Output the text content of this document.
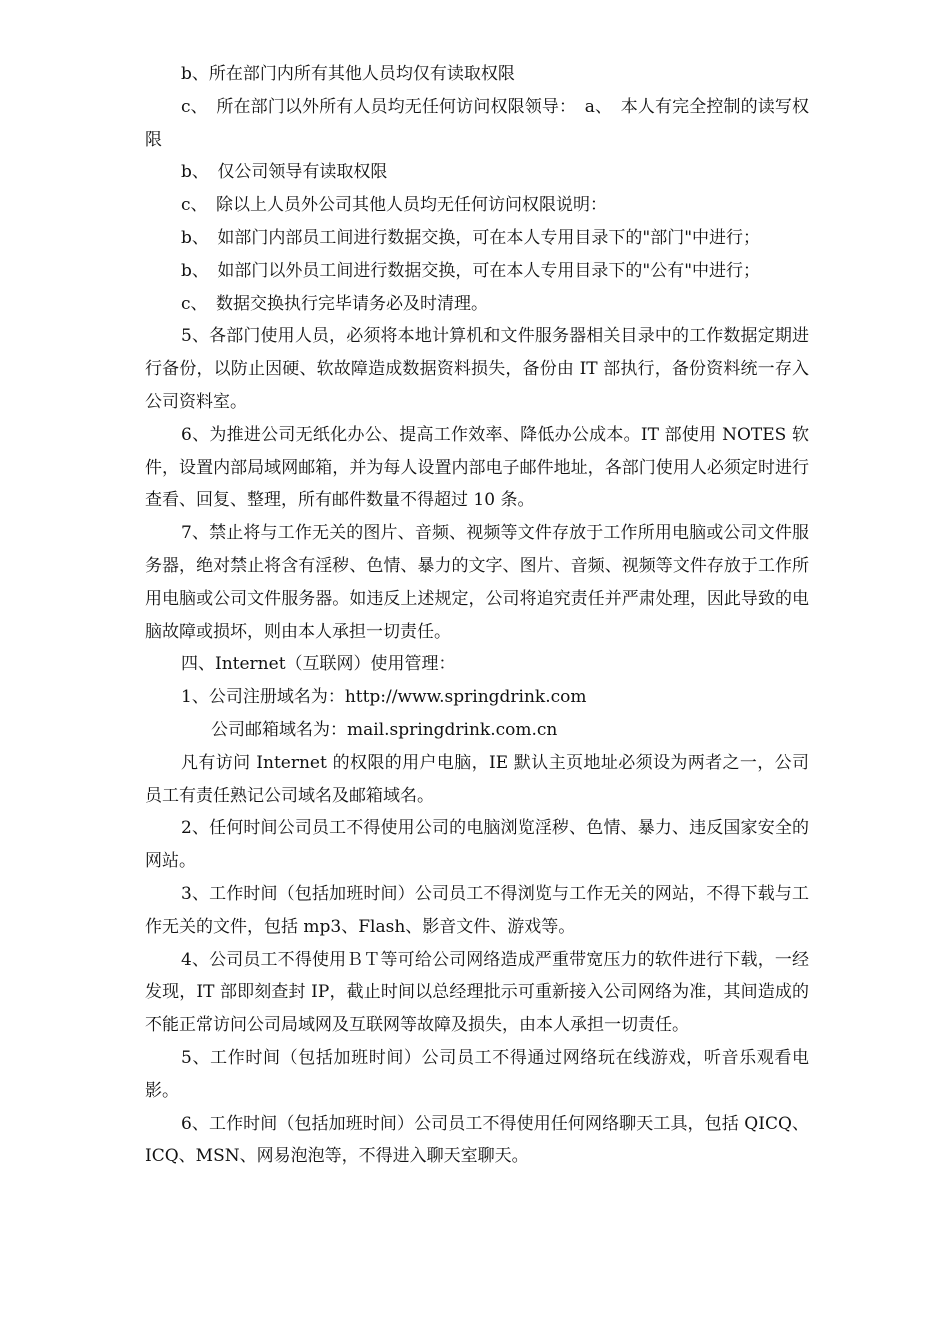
b、所在部门内所有其他人员均仅有读取权限

c、　所在部门以外所有人员均无任何访问权限领导：　a、　本人有完全控制的读写权限

b、　仅公司领导有读取权限

c、　除以上人员外公司其他人员均无任何访问权限说明：

b、　如部门内部员工间进行数据交换，可在本人专用目录下的"部门"中进行；

b、　如部门以外员工间进行数据交换，可在本人专用目录下的"公有"中进行；

c、　数据交换执行完毕请务必及时清理。

5、各部门使用人员，必须将本地计算机和文件服务器相关目录中的工作数据定期进行备份，以防止因硬、软故障造成数据资料损失，备份由 IT 部执行，备份资料统一存入公司资料室。

6、为推进公司无纸化办公、提高工作效率、降低办公成本。IT 部使用 NOTES 软件，设置内部局域网邮箱，并为每人设置内部电子邮件地址，各部门使用人必须定时进行查看、回复、整理，所有邮件数量不得超过 10 条。

7、禁止将与工作无关的图片、音频、视频等文件存放于工作所用电脑或公司文件服务器，绝对禁止将含有淫秽、色情、暴力的文字、图片、音频、视频等文件存放于工作所用电脑或公司文件服务器。如违反上述规定，公司将追究责任并严肃处理，因此导致的电脑故障或损坏，则由本人承担一切责任。

四、Internet（互联网）使用管理：

1、公司注册域名为：http://www.springdrink.com

公司邮箱域名为：mail.springdrink.com.cn

凡有访问 Internet 的权限的用户电脑，IE 默认主页地址必须设为两者之一，公司员工有责任熟记公司域名及邮箱域名。

2、任何时间公司员工不得使用公司的电脑浏览淫秽、色情、暴力、违反国家安全的网站。

3、工作时间（包括加班时间）公司员工不得浏览与工作无关的网站，不得下载与工作无关的文件，包括 mp3、Flash、影音文件、游戏等。

4、公司员工不得使用ＢＴ等可给公司网络造成严重带宽压力的软件进行下载，一经发现，IT 部即刻查封 IP，截止时间以总经理批示可重新接入公司网络为准，其间造成的不能正常访问公司局域网及互联网等故障及损失，由本人承担一切责任。

5、工作时间（包括加班时间）公司员工不得通过网络玩在线游戏，听音乐观看电影。

6、工作时间（包括加班时间）公司员工不得使用任何网络聊天工具，包括 QICQ、ICQ、MSN、网易泡泡等，不得进入聊天室聊天。
